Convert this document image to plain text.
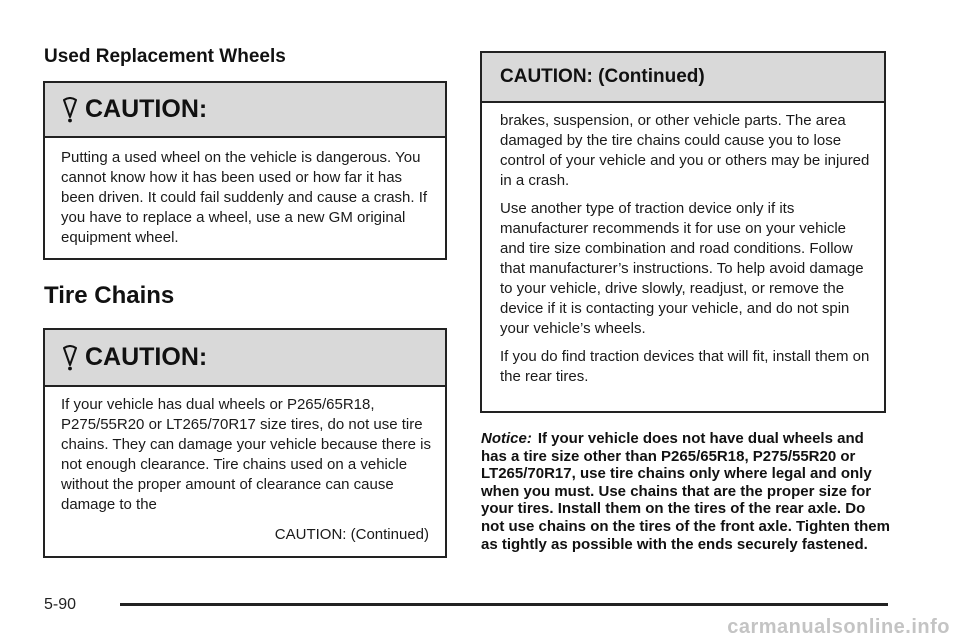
Used Replacement Wheels
CAUTION:

Putting a used wheel on the vehicle is dangerous. You cannot know how it has been used or how far it has been driven. It could fail suddenly and cause a crash. If you have to replace a wheel, use a new GM original equipment wheel.

Tire Chains
CAUTION:

If your vehicle has dual wheels or P265/65R18, P275/55R20 or LT265/70R17 size tires, do not use tire chains. They can damage your vehicle because there is not enough clearance. Tire chains used on a vehicle without the proper amount of clearance can cause damage to the

CAUTION: (Continued)

CAUTION: (Continued)

brakes, suspension, or other vehicle parts. The area damaged by the tire chains could cause you to lose control of your vehicle and you or others may be injured in a crash.

Use another type of traction device only if its manufacturer recommends it for use on your vehicle and tire size combination and road conditions. Follow that manufacturer’s instructions. To help avoid damage to your vehicle, drive slowly, readjust, or remove the device if it is contacting your vehicle, and do not spin your vehicle’s wheels.

If you do find traction devices that will fit, install them on the rear tires.

Notice: If your vehicle does not have dual wheels and has a tire size other than P265/65R18, P275/55R20 or LT265/70R17, use tire chains only where legal and only when you must. Use chains that are the proper size for your tires. Install them on the tires of the rear axle. Do not use chains on the tires of the front axle. Tighten them as tightly as possible with the ends securely fastened.

5-90
carmanualsonline.info
